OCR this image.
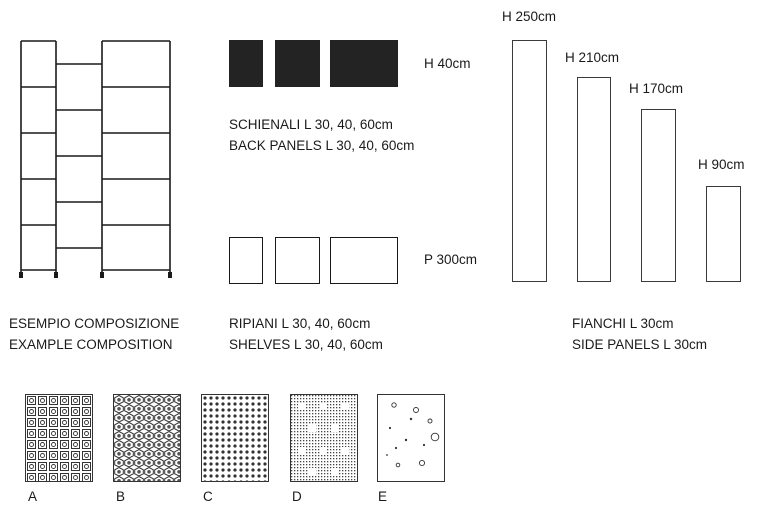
ESEMPIO COMPOSIZIONE
EXAMPLE COMPOSITION
H 40cm
SCHIENALI L 30, 40, 60cm
BACK PANELS L 30, 40, 60cm
P 300cm
RIPIANI L 30, 40, 60cm
SHELVES L 30, 40, 60cm
H 250cm
H 210cm
H 170cm
H 90cm
FIANCHI L 30cm
SIDE PANELS L 30cm
A	B	C	D	E
